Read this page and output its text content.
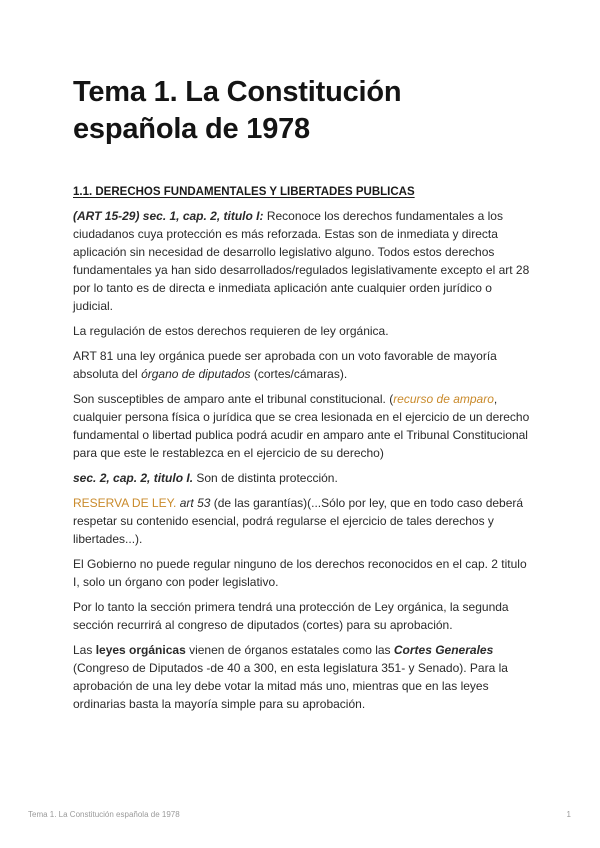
Tema 1. La Constitución
española de 1978
1.1. DERECHOS FUNDAMENTALES Y LIBERTADES PUBLICAS

(ART 15-29) sec. 1, cap. 2, titulo I: Reconoce los derechos fundamentales a los ciudadanos cuya protección es más reforzada. Estas son de inmediata y directa aplicación sin necesidad de desarrollo legislativo alguno. Todos estos derechos fundamentales ya han sido desarrollados/regulados legislativamente excepto el art 28 por lo tanto es de directa e inmediata aplicación ante cualquier orden jurídico o judicial.

La regulación de estos derechos requieren de ley orgánica.

ART 81 una ley orgánica puede ser aprobada con un voto favorable de mayoría absoluta del órgano de diputados (cortes/cámaras).

Son susceptibles de amparo ante el tribunal constitucional. (recurso de amparo, cualquier persona física o jurídica que se crea lesionada en el ejercicio de un derecho fundamental o libertad publica podrá acudir en amparo ante el Tribunal Constitucional para que este le restablezca en el ejercicio de su derecho)

sec. 2, cap. 2, titulo I. Son de distinta protección.

RESERVA DE LEY. art 53 (de las garantías)(...Sólo por ley, que en todo caso deberá respetar su contenido esencial, podrá regularse el ejercicio de tales derechos y libertades...).

El Gobierno no puede regular ninguno de los derechos reconocidos en el cap. 2 titulo I, solo un órgano con poder legislativo.

Por lo tanto la sección primera tendrá una protección de Ley orgánica, la segunda sección recurrirá al congreso de diputados (cortes) para su aprobación.

Las leyes orgánicas vienen de órganos estatales como las Cortes Generales (Congreso de Diputados -de 40 a 300, en esta legislatura 351- y Senado). Para la aprobación de una ley debe votar la mitad más uno, mientras que en las leyes ordinarias basta la mayoría simple para su aprobación.

Tema 1. La Constitución española de 1978	1
